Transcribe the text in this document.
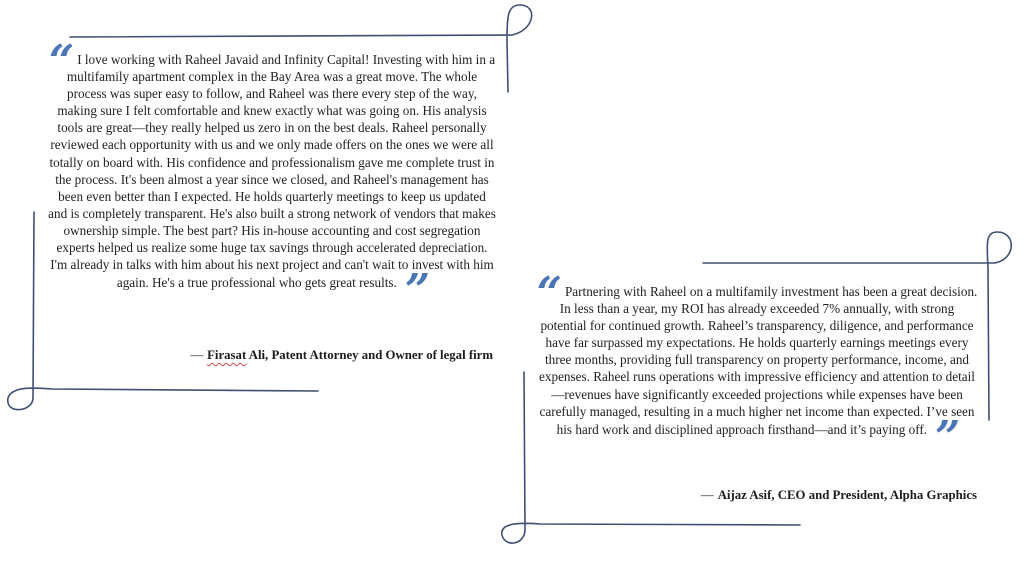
“ I love working with Raheel Javaid and Infinity Capital! Investing with him in a multifamily apartment complex in the Bay Area was a great move. The whole process was super easy to follow, and Raheel was there every step of the way, making sure I felt comfortable and knew exactly what was going on. His analysis tools are great—they really helped us zero in on the best deals. Raheel personally reviewed each opportunity with us and we only made offers on the ones we were all totally on board with. His confidence and professionalism gave me complete trust in the process. It's been almost a year since we closed, and Raheel's management has been even better than I expected. He holds quarterly meetings to keep us updated and is completely transparent. He's also built a strong network of vendors that makes ownership simple. The best part? His in-house accounting and cost segregation experts helped us realize some huge tax savings through accelerated depreciation. I'm already in talks with him about his next project and can't wait to invest with him again. He's a true professional who gets great results. ”
— Firasat Ali, Patent Attorney and Owner of legal firm
“ Partnering with Raheel on a multifamily investment has been a great decision. In less than a year, my ROI has already exceeded 7% annually, with strong potential for continued growth. Raheel’s transparency, diligence, and performance have far surpassed my expectations. He holds quarterly earnings meetings every three months, providing full transparency on property performance, income, and expenses. Raheel runs operations with impressive efficiency and attention to detail—revenues have significantly exceeded projections while expenses have been carefully managed, resulting in a much higher net income than expected. I’ve seen his hard work and disciplined approach firsthand—and it’s paying off. ”
— Aijaz Asif, CEO and President, Alpha Graphics
